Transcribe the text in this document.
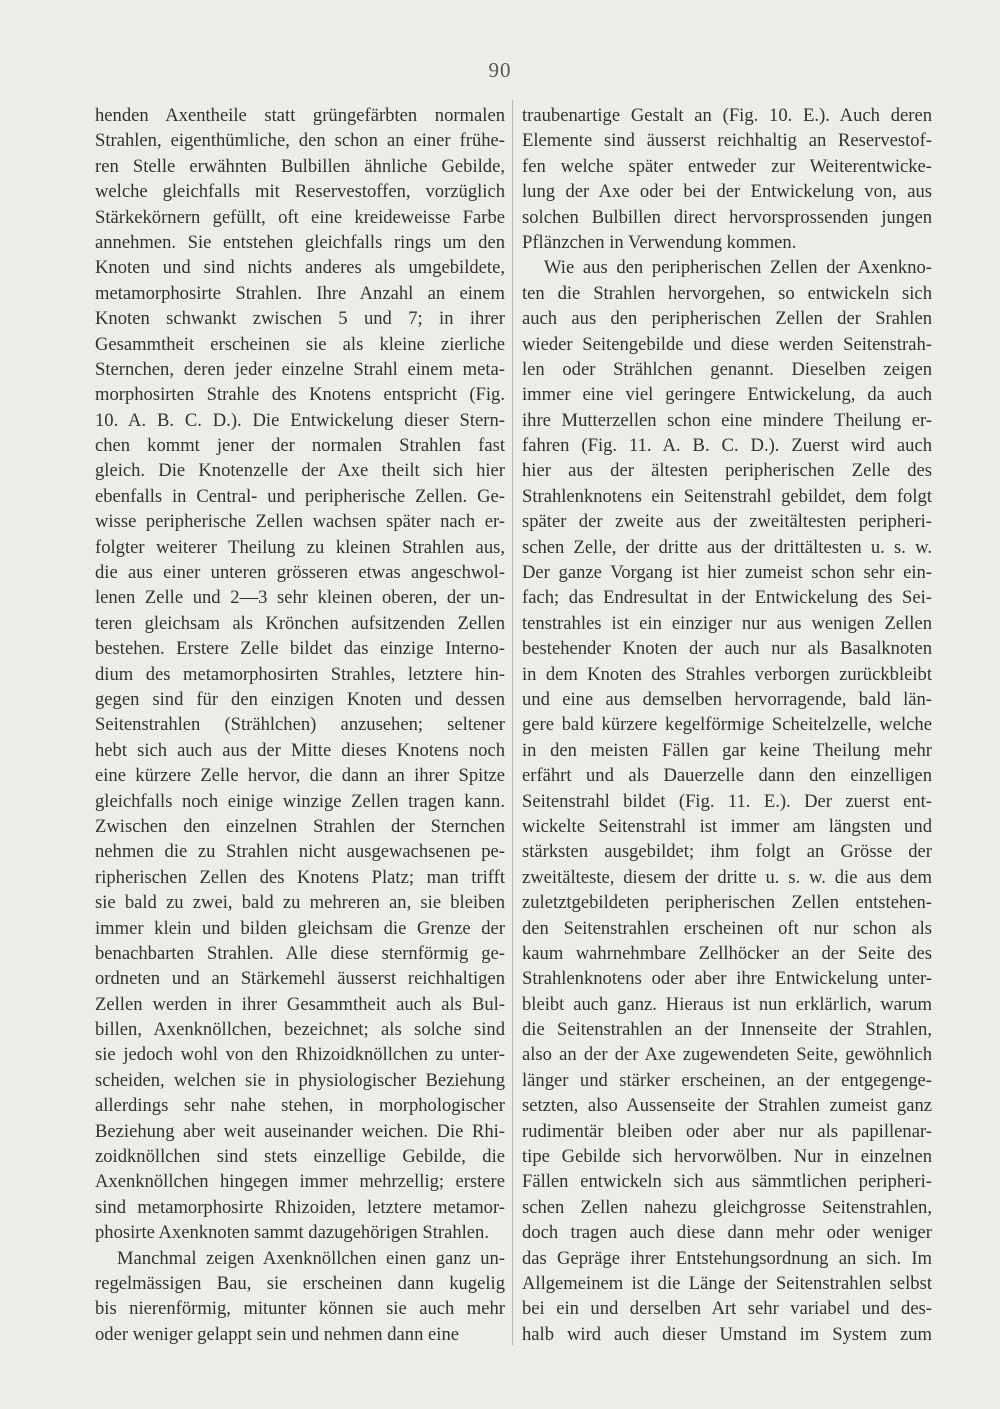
90
henden Axentheile statt grüngefärbten normalen
Strahlen, eigenthümliche, den schon an einer frühe-
ren Stelle erwähnten Bulbillen ähnliche Gebilde,
welche gleichfalls mit Reservestoffen, vorzüglich
Stärkekörnern gefüllt, oft eine kreideweisse Farbe
annehmen. Sie entstehen gleichfalls rings um den
Knoten und sind nichts anderes als umgebildete,
metamorphosirte Strahlen. Ihre Anzahl an einem
Knoten schwankt zwischen 5 und 7; in ihrer
Gesammtheit erscheinen sie als kleine zierliche
Sternchen, deren jeder einzelne Strahl einem meta-
morphosirten Strahle des Knotens entspricht (Fig.
10. A. B. C. D.). Die Entwickelung dieser Stern-
chen kommt jener der normalen Strahlen fast
gleich. Die Knotenzelle der Axe theilt sich hier
ebenfalls in Central- und peripherische Zellen. Ge-
wisse peripherische Zellen wachsen später nach er-
folgter weiterer Theilung zu kleinen Strahlen aus,
die aus einer unteren grösseren etwas angeschwol-
lenen Zelle und 2—3 sehr kleinen oberen, der un-
teren gleichsam als Krönchen aufsitzenden Zellen
bestehen. Erstere Zelle bildet das einzige Interno-
dium des metamorphosirten Strahles, letztere hin-
gegen sind für den einzigen Knoten und dessen
Seitenstrahlen (Strählchen) anzusehen; seltener
hebt sich auch aus der Mitte dieses Knotens noch
eine kürzere Zelle hervor, die dann an ihrer Spitze
gleichfalls noch einige winzige Zellen tragen kann.
Zwischen den einzelnen Strahlen der Sternchen
nehmen die zu Strahlen nicht ausgewachsenen pe-
ripherischen Zellen des Knotens Platz; man trifft
sie bald zu zwei, bald zu mehreren an, sie bleiben
immer klein und bilden gleichsam die Grenze der
benachbarten Strahlen. Alle diese sternförmig ge-
ordneten und an Stärkemehl äusserst reichhaltigen
Zellen werden in ihrer Gesammtheit auch als Bul-
billen, Axenknöllchen, bezeichnet; als solche sind
sie jedoch wohl von den Rhizoidknöllchen zu unter-
scheiden, welchen sie in physiologischer Beziehung
allerdings sehr nahe stehen, in morphologischer
Beziehung aber weit auseinander weichen. Die Rhi-
zoidknöllchen sind stets einzellige Gebilde, die
Axenknöllchen hingegen immer mehrzellig; erstere
sind metamorphosirte Rhizoiden, letztere metamor-
phosirte Axenknoten sammt dazugehörigen Strahlen.
Manchmal zeigen Axenknöllchen einen ganz un-
regelmässigen Bau, sie erscheinen dann kugelig
bis nierenförmig, mitunter können sie auch mehr
oder weniger gelappt sein und nehmen dann eine
traubenartige Gestalt an (Fig. 10. E.). Auch deren
Elemente sind äusserst reichhaltig an Reservestof-
fen welche später entweder zur Weiterentwicke-
lung der Axe oder bei der Entwickelung von, aus
solchen Bulbillen direct hervorsprossenden jungen
Pflänzchen in Verwendung kommen.
Wie aus den peripherischen Zellen der Axenkno-
ten die Strahlen hervorgehen, so entwickeln sich
auch aus den peripherischen Zellen der Srahlen
wieder Seitengebilde und diese werden Seitenstrah-
len oder Strählchen genannt. Dieselben zeigen
immer eine viel geringere Entwickelung, da auch
ihre Mutterzellen schon eine mindere Theilung er-
fahren (Fig. 11. A. B. C. D.). Zuerst wird auch
hier aus der ältesten peripherischen Zelle des
Strahlenknotens ein Seitenstrahl gebildet, dem folgt
später der zweite aus der zweitältesten peripheri-
schen Zelle, der dritte aus der drittältesten u. s. w.
Der ganze Vorgang ist hier zumeist schon sehr ein-
fach; das Endresultat in der Entwickelung des Sei-
tenstrahles ist ein einziger nur aus wenigen Zellen
bestehender Knoten der auch nur als Basalknoten
in dem Knoten des Strahles verborgen zurückbleibt
und eine aus demselben hervorragende, bald län-
gere bald kürzere kegelförmige Scheitelzelle, welche
in den meisten Fällen gar keine Theilung mehr
erfährt und als Dauerzelle dann den einzelligen
Seitenstrahl bildet (Fig. 11. E.). Der zuerst ent-
wickelte Seitenstrahl ist immer am längsten und
stärksten ausgebildet; ihm folgt an Grösse der
zweitälteste, diesem der dritte u. s. w. die aus dem
zuletztgebildeten peripherischen Zellen entstehen-
den Seitenstrahlen erscheinen oft nur schon als
kaum wahrnehmbare Zellhöcker an der Seite des
Strahlenknotens oder aber ihre Entwickelung unter-
bleibt auch ganz. Hieraus ist nun erklärlich, warum
die Seitenstrahlen an der Innenseite der Strahlen,
also an der der Axe zugewendeten Seite, gewöhnlich
länger und stärker erscheinen, an der entgegenge-
setzten, also Aussenseite der Strahlen zumeist ganz
rudimentär bleiben oder aber nur als papillenar-
tipe Gebilde sich hervorwölben. Nur in einzelnen
Fällen entwickeln sich aus sämmtlichen peripheri-
schen Zellen nahezu gleichgrosse Seitenstrahlen,
doch tragen auch diese dann mehr oder weniger
das Gepräge ihrer Entstehungsordnung an sich. Im
Allgemeinem ist die Länge der Seitenstrahlen selbst
bei ein und derselben Art sehr variabel und des-
halb wird auch dieser Umstand im System zum
